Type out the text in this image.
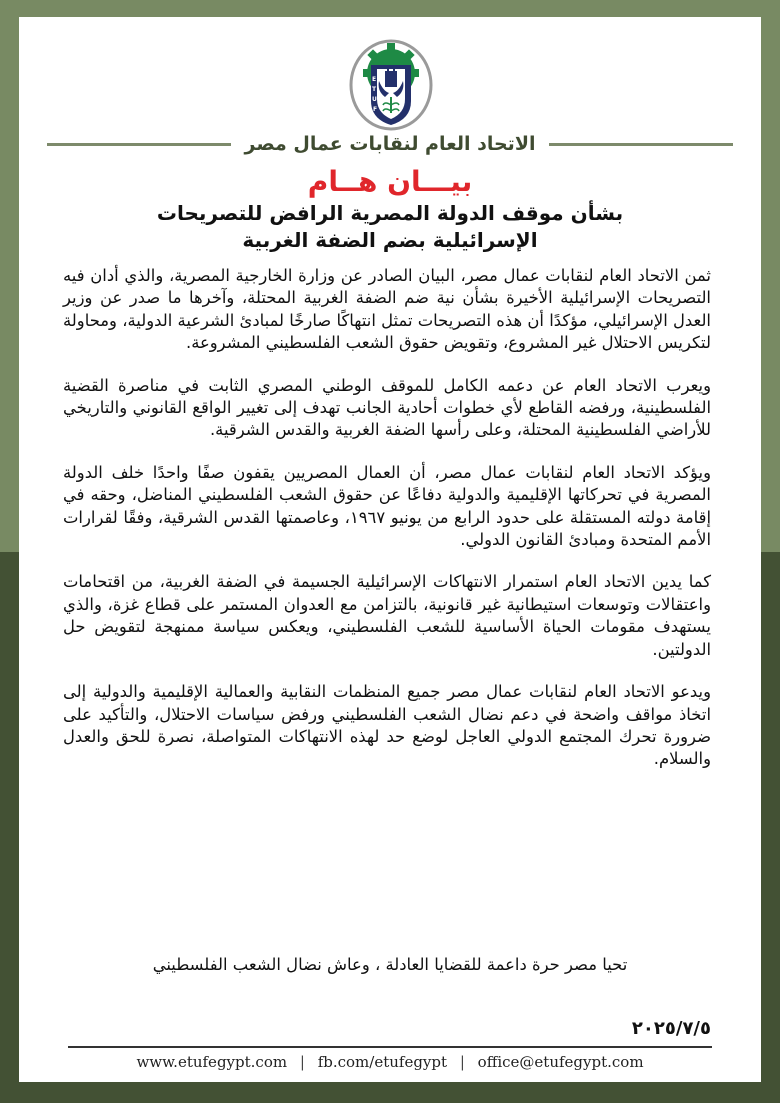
E
T
U
F
الاتحاد العام لنقابات عمال مصر
بيـــان هــام
بشأن موقف الدولة المصرية الرافض للتصريحات
الإسرائيلية بضم الضفة الغربية

ثمن الاتحاد العام لنقابات عمال مصر، البيان الصادر عن وزارة الخارجية المصرية، والذي أدان فيه التصريحات الإسرائيلية الأخيرة بشأن نية ضم الضفة الغربية المحتلة، وآخرها ما صدر عن وزير العدل الإسرائيلي، مؤكدًا أن هذه التصريحات تمثل انتهاكًا صارخًا لمبادئ الشرعية الدولية، ومحاولة لتكريس الاحتلال غير المشروع، وتقويض حقوق الشعب الفلسطيني المشروعة.

ويعرب الاتحاد العام عن دعمه الكامل للموقف الوطني المصري الثابت في مناصرة القضية الفلسطينية، ورفضه القاطع لأي خطوات أحادية الجانب تهدف إلى تغيير الواقع القانوني والتاريخي للأراضي الفلسطينية المحتلة، وعلى رأسها الضفة الغربية والقدس الشرقية.

ويؤكد الاتحاد العام لنقابات عمال مصر، أن العمال المصريين يقفون صفًا واحدًا خلف الدولة المصرية في تحركاتها الإقليمية والدولية دفاعًا عن حقوق الشعب الفلسطيني المناضل، وحقه في إقامة دولته المستقلة على حدود الرابع من يونيو ١٩٦٧، وعاصمتها القدس الشرقية، وفقًا لقرارات الأمم المتحدة ومبادئ القانون الدولي.

كما يدين الاتحاد العام استمرار الانتهاكات الإسرائيلية الجسيمة في الضفة الغربية، من اقتحامات واعتقالات وتوسعات استيطانية غير قانونية، بالتزامن مع العدوان المستمر على قطاع غزة، والذي يستهدف مقومات الحياة الأساسية للشعب الفلسطيني، ويعكس سياسة ممنهجة لتقويض حل الدولتين.

ويدعو الاتحاد العام لنقابات عمال مصر جميع المنظمات النقابية والعمالية الإقليمية والدولية إلى اتخاذ مواقف واضحة في دعم نضال الشعب الفلسطيني ورفض سياسات الاحتلال، والتأكيد على ضرورة تحرك المجتمع الدولي العاجل لوضع حد لهذه الانتهاكات المتواصلة، نصرة للحق والعدل والسلام.

تحيا مصر حرة داعمة للقضايا العادلة ، وعاش نضال الشعب الفلسطيني
٢٠٢٥/٧/٥
www.etufegypt.com | fb.com/etufegypt | office@etufegypt.com
